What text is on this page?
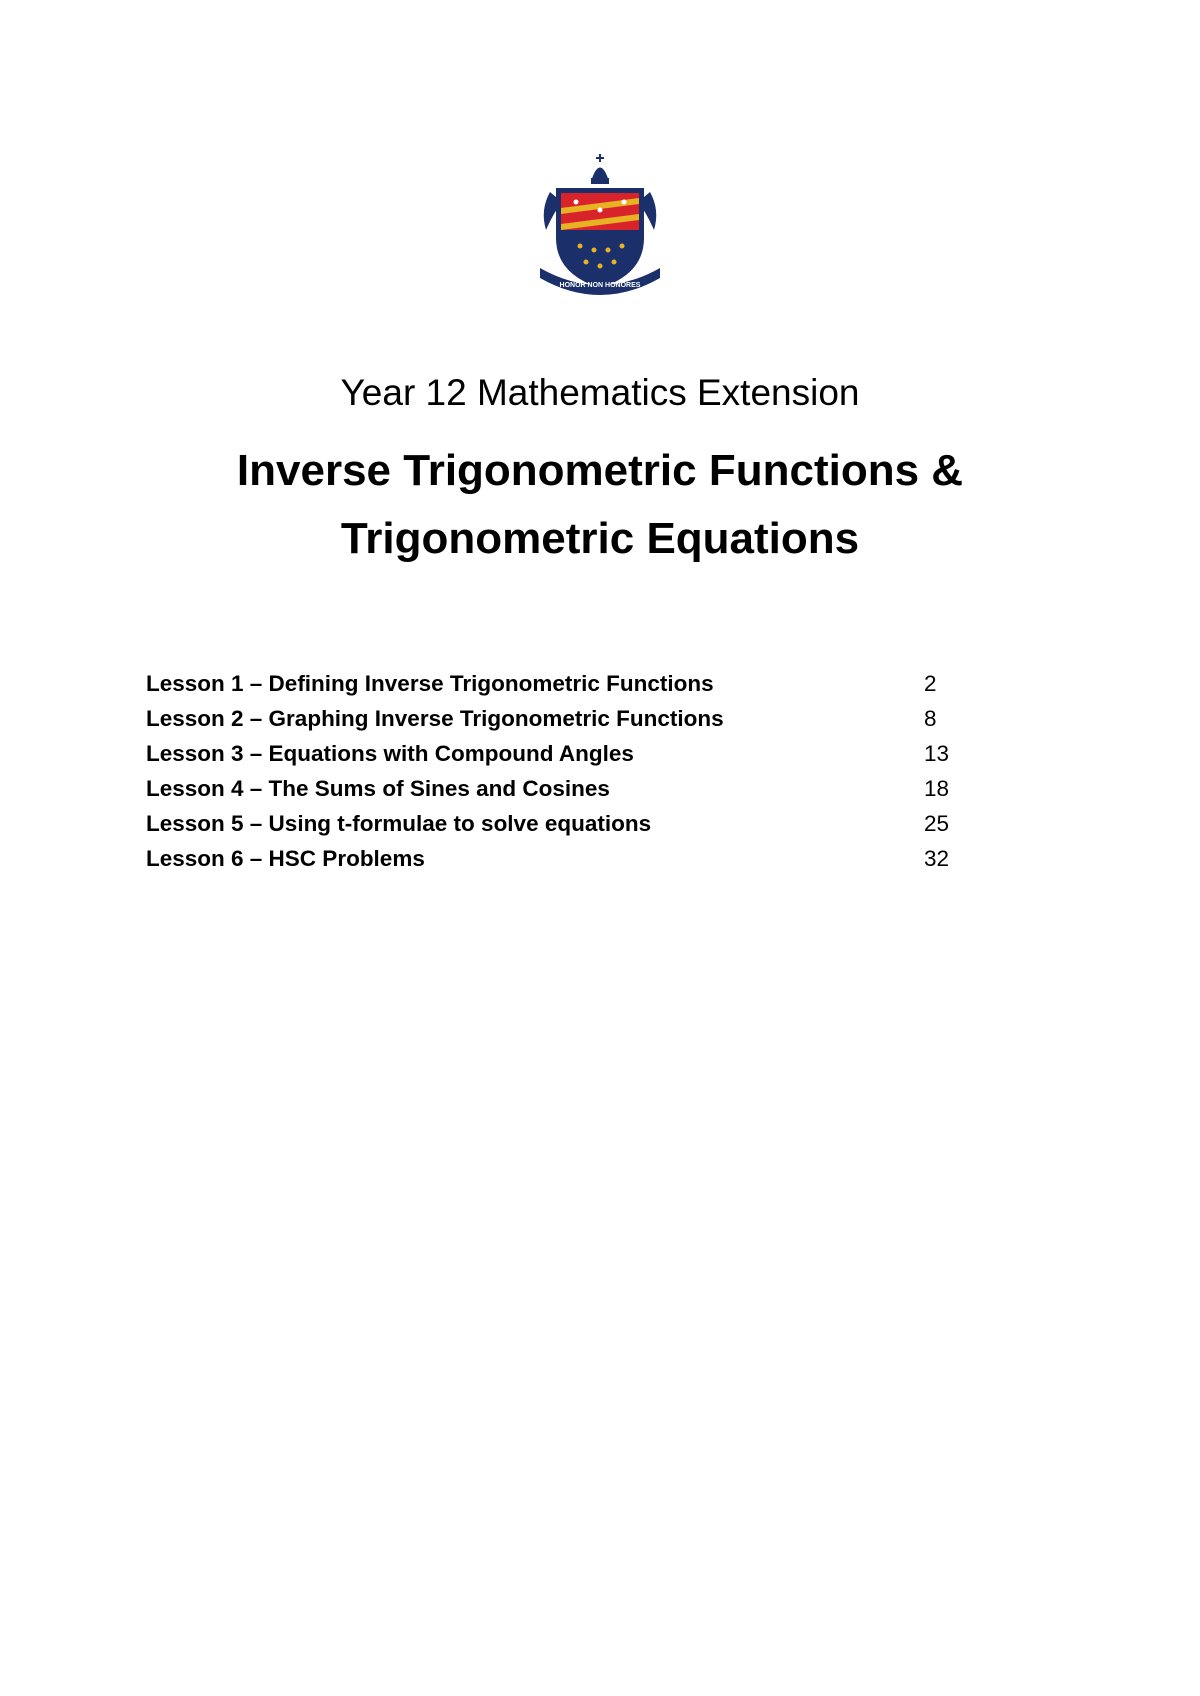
HONOR NON HONORES
Year 12 Mathematics Extension
Inverse Trigonometric Functions &
Trigonometric Equations
Lesson 1 – Defining Inverse Trigonometric Functions	2
Lesson 2 – Graphing Inverse Trigonometric Functions	8
Lesson 3 – Equations with Compound Angles	13
Lesson 4 – The Sums of Sines and Cosines	18
Lesson 5 – Using t-formulae to solve equations	25
Lesson 6 – HSC Problems	32
